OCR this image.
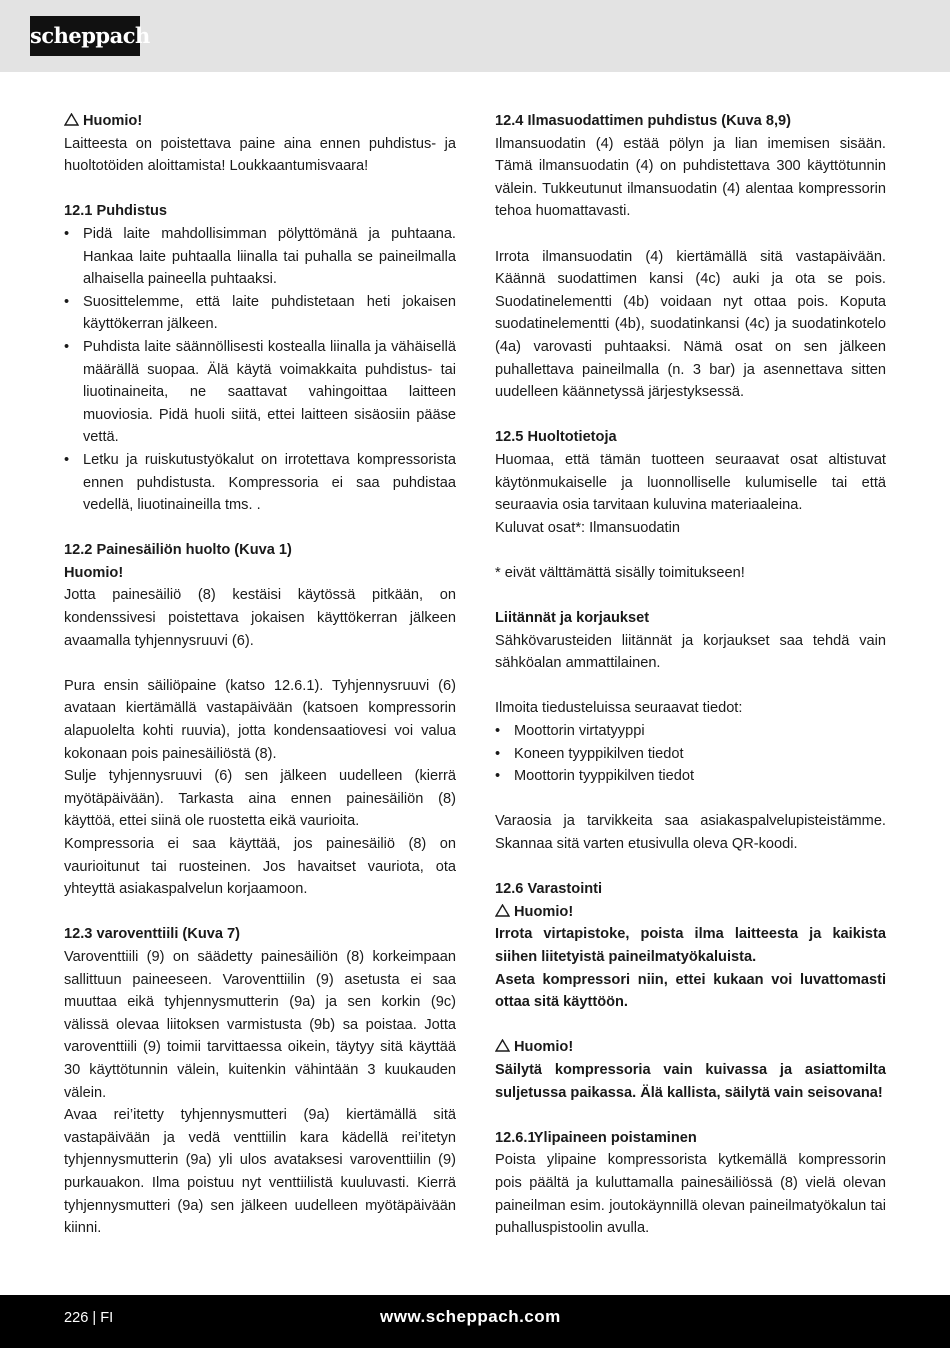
scheppach

Huomio!

Laitteesta on poistettava paine aina ennen puhdistus- ja huoltotöiden aloittamista! Loukkaantumisvaara!

12.1 Puhdistus

• Pidä laite mahdollisimman pölyttömänä ja puhtaana. Hankaa laite puhtaalla liinalla tai puhalla se paineilmalla alhaisella paineella puhtaaksi.
• Suosittelemme, että laite puhdistetaan heti jokaisen käyttökerran jälkeen.
• Puhdista laite säännöllisesti kostealla liinalla ja vähäisellä määrällä suopaa. Älä käytä voimakkaita puhdistus- tai liuotinaineita, ne saattavat vahingoittaa laitteen muoviosia. Pidä huoli siitä, ettei laitteen sisäosiin pääse vettä.
• Letku ja ruiskutustyökalut on irrotettava kompressorista ennen puhdistusta. Kompressoria ei saa puhdistaa vedellä, liuotinaineilla tms. .

12.2 Painesäiliön huolto (Kuva 1)

Huomio!

Jotta painesäiliö (8) kestäisi käytössä pitkään, on kondenssivesi poistettava jokaisen käyttökerran jälkeen avaamalla tyhjennysruuvi (6).

Pura ensin säiliöpaine (katso 12.6.1). Tyhjennysruuvi (6) avataan kiertämällä vastapäivään (katsoen kompressorin alapuolelta kohti ruuvia), jotta kondensaatiovesi voi valua kokonaan pois painesäiliöstä (8).

Sulje tyhjennysruuvi (6) sen jälkeen uudelleen (kierrä myötäpäivään). Tarkasta aina ennen painesäiliön (8) käyttöä, ettei siinä ole ruostetta eikä vaurioita.

Kompressoria ei saa käyttää, jos painesäiliö (8) on vaurioitunut tai ruosteinen. Jos havaitset vauriota, ota yhteyttä asiakaspalvelun korjaamoon.

12.3 varoventtiili (Kuva 7)

Varoventtiili (9) on säädetty painesäiliön (8) korkeimpaan sallittuun paineeseen. Varoventtiilin (9) asetusta ei saa muuttaa eikä tyhjennysmutterin (9a) ja sen korkin (9c) välissä olevaa liitoksen varmistusta (9b) sa poistaa. Jotta varoventtiili (9) toimii tarvittaessa oikein, täytyy sitä käyttää 30 käyttötunnin välein, kuitenkin vähintään 3 kuukauden välein.

Avaa rei’itetty tyhjennysmutteri (9a) kiertämällä sitä vastapäivään ja vedä venttiilin kara kädellä rei’itetyn tyhjennysmutterin (9a) yli ulos avataksesi varoventtiilin (9) purkauakon. Ilma poistuu nyt venttiilistä kuuluvasti. Kierrä tyhjennysmutteri (9a) sen jälkeen uudelleen myötäpäivään kiinni.

12.4 Ilmasuodattimen puhdistus (Kuva 8,9)

Ilmansuodatin (4) estää pölyn ja lian imemisen sisään. Tämä ilmansuodatin (4) on puhdistettava 300 käyttötunnin välein. Tukkeutunut ilmansuodatin (4) alentaa kompressorin tehoa huomattavasti.

Irrota ilmansuodatin (4) kiertämällä sitä vastapäivään. Käännä suodattimen kansi (4c) auki ja ota se pois. Suodatinelementti (4b) voidaan nyt ottaa pois. Koputa suodatinelementti (4b), suodatinkansi (4c) ja suodatinkotelo (4a) varovasti puhtaaksi. Nämä osat on sen jälkeen puhallettava paineilmalla (n. 3 bar) ja asennettava sitten uudelleen käännetyssä järjestyksessä.

12.5 Huoltotietoja

Huomaa, että tämän tuotteen seuraavat osat altistuvat käytönmukaiselle ja luonnolliselle kulumiselle tai että seuraavia osia tarvitaan kuluvina materiaaleina.

Kuluvat osat*: Ilmansuodatin

* eivät välttämättä sisälly toimitukseen!

Liitännät ja korjaukset

Sähkövarusteiden liitännät ja korjaukset saa tehdä vain sähköalan ammattilainen.

Ilmoita tiedusteluissa seuraavat tiedot:

• Moottorin virtatyyppi
• Koneen tyyppikilven tiedot
• Moottorin tyyppikilven tiedot

Varaosia ja tarvikkeita saa asiakaspalvelupisteistämme. Skannaa sitä varten etusivulla oleva QR-koodi.

12.6 Varastointi

Huomio!

Irrota virtapistoke, poista ilma laitteesta ja kaikista siihen liitetyistä paineilmatyökaluista.

Aseta kompressori niin, ettei kukaan voi luvattomasti ottaa sitä käyttöön.

Huomio!

Säilytä kompressoria vain kuivassa ja asiattomilta suljetussa paikassa. Älä kallista, säilytä vain seisovana!

12.6.1 Ylipaineen poistaminen

Poista ylipaine kompressorista kytkemällä kompressorin pois päältä ja kuluttamalla painesäiliössä (8) vielä olevan paineilman esim. joutokäynnillä olevan paineilmatyökalun tai puhalluspistoolin avulla.

226 | FI	www.scheppach.com
